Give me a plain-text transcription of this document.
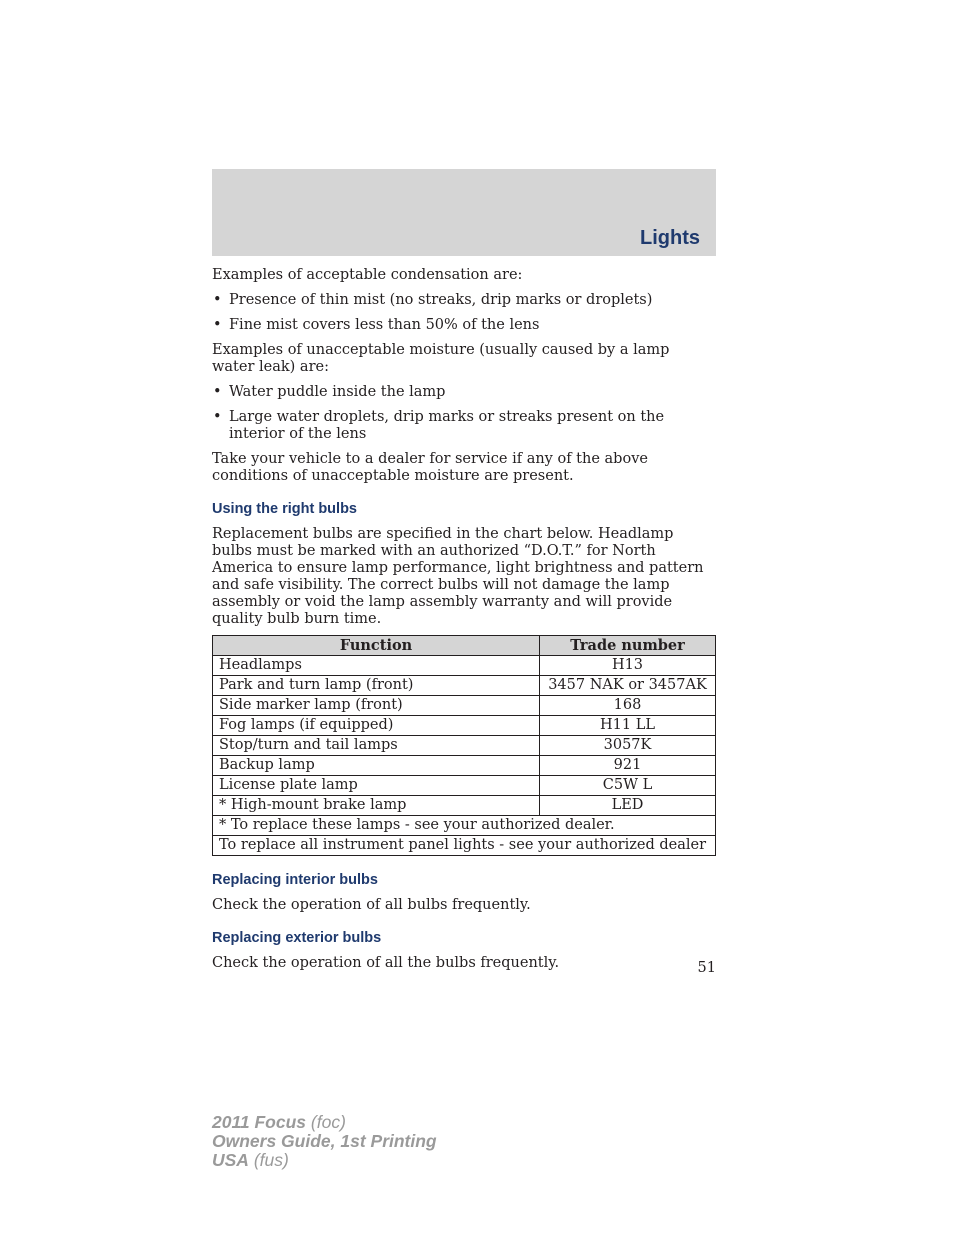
Lights

Examples of acceptable condensation are:

• Presence of thin mist (no streaks, drip marks or droplets)
• Fine mist covers less than 50% of the lens

Examples of unacceptable moisture (usually caused by a lamp water leak) are:

• Water puddle inside the lamp
• Large water droplets, drip marks or streaks present on the interior of the lens

Take your vehicle to a dealer for service if any of the above conditions of unacceptable moisture are present.

Using the right bulbs

Replacement bulbs are specified in the chart below. Headlamp bulbs must be marked with an authorized “D.O.T.” for North America to ensure lamp performance, light brightness and pattern and safe visibility. The correct bulbs will not damage the lamp assembly or void the lamp assembly warranty and will provide quality bulb burn time.

Function	Trade number
Headlamps	H13
Park and turn lamp (front)	3457 NAK or 3457AK
Side marker lamp (front)	168
Fog lamps (if equipped)	H11 LL
Stop/turn and tail lamps	3057K
Backup lamp	921
License plate lamp	C5W L
* High-mount brake lamp	LED
* To replace these lamps - see your authorized dealer.	
To replace all instrument panel lights - see your authorized dealer	
Replacing interior bulbs

Check the operation of all bulbs frequently.

Replacing exterior bulbs

Check the operation of all the bulbs frequently.	51
2011 Focus (foc)
Owners Guide, 1st Printing
USA (fus)
